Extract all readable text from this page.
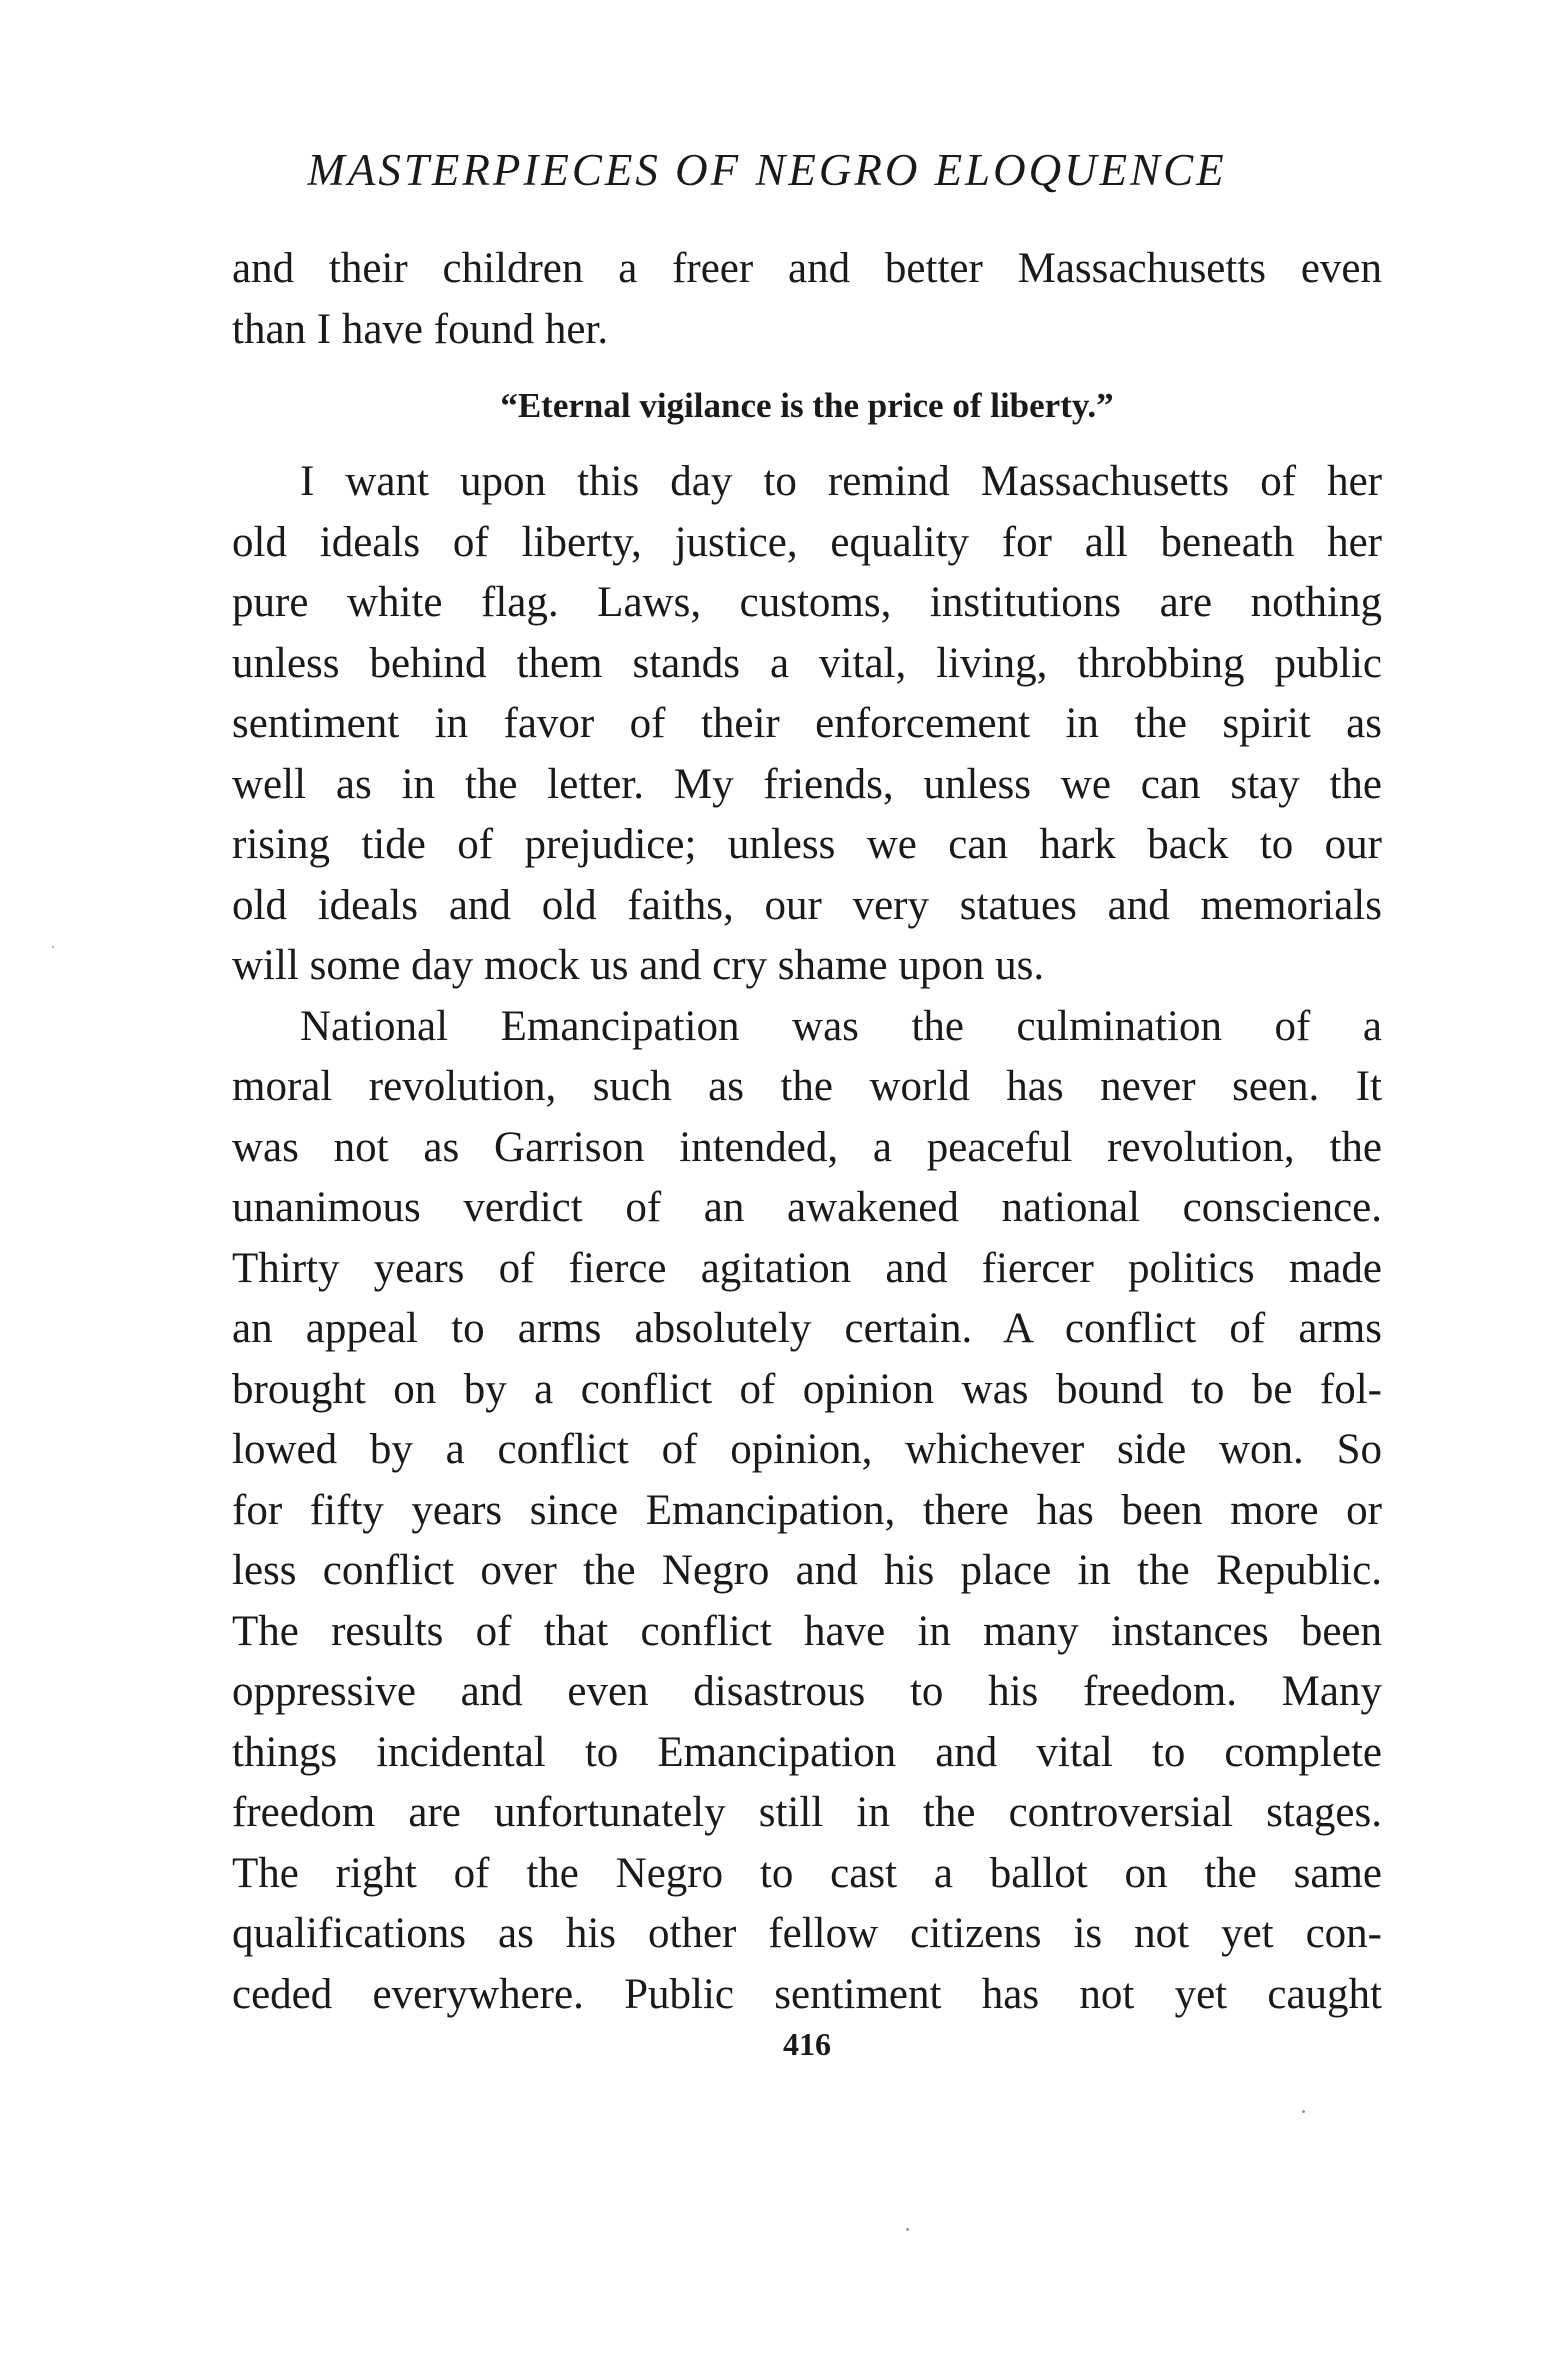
MASTERPIECES OF NEGRO ELOQUENCE
and their children a freer and better Massachusetts even
than I have found her.
“Eternal vigilance is the price of liberty.”
I want upon this day to remind Massachusetts of her
old ideals of liberty, justice, equality for all beneath her
pure white flag. Laws, customs, institutions are nothing
unless behind them stands a vital, living, throbbing public
sentiment in favor of their enforcement in the spirit as
well as in the letter. My friends, unless we can stay the
rising tide of prejudice; unless we can hark back to our
old ideals and old faiths, our very statues and memorials
will some day mock us and cry shame upon us.
National Emancipation was the culmination of a
moral revolution, such as the world has never seen. It
was not as Garrison intended, a peaceful revolution, the
unanimous verdict of an awakened national conscience.
Thirty years of fierce agitation and fiercer politics made
an appeal to arms absolutely certain. A conflict of arms
brought on by a conflict of opinion was bound to be fol-
lowed by a conflict of opinion, whichever side won. So
for fifty years since Emancipation, there has been more or
less conflict over the Negro and his place in the Republic.
The results of that conflict have in many instances been
oppressive and even disastrous to his freedom. Many
things incidental to Emancipation and vital to complete
freedom are unfortunately still in the controversial stages.
The right of the Negro to cast a ballot on the same
qualifications as his other fellow citizens is not yet con-
ceded everywhere. Public sentiment has not yet caught
416
